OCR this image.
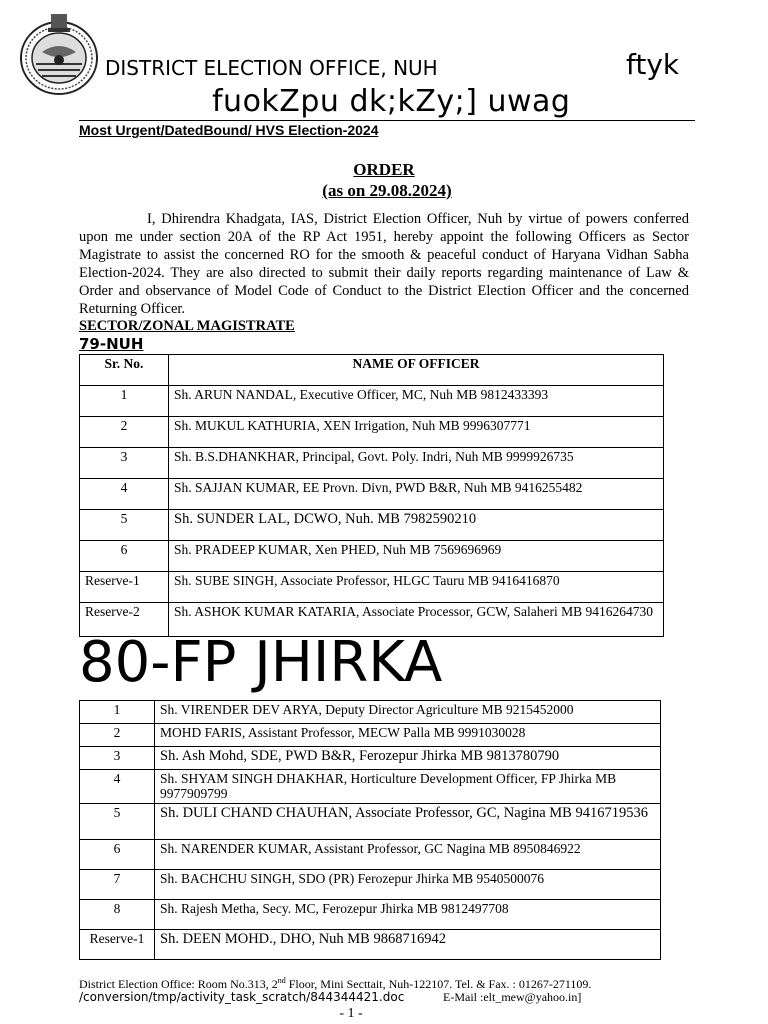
DISTRICT ELECTION OFFICE, NUH	ftyk
fuokZpu dk;kZy;] uwag
Most Urgent/DatedBound/ HVS Election-2024
ORDER
(as on 29.08.2024)
I, Dhirendra Khadgata, IAS, District Election Officer, Nuh by virtue of powers conferred upon me under section 20A of the RP Act 1951, hereby appoint the following Officers as Sector Magistrate to assist the concerned RO for the smooth & peaceful conduct of Haryana Vidhan Sabha Election-2024. They are also directed to submit their daily reports regarding maintenance of Law & Order and observance of Model Code of Conduct to the District Election Officer and the concerned Returning Officer.
SECTOR/ZONAL MAGISTRATE
79-NUH
Sr. No.	NAME OF OFFICER
1	Sh. ARUN NANDAL, Executive Officer, MC, Nuh MB 9812433393
2	Sh. MUKUL KATHURIA, XEN Irrigation, Nuh MB 9996307771
3	Sh. B.S.DHANKHAR, Principal, Govt. Poly. Indri, Nuh MB 9999926735
4	Sh. SAJJAN KUMAR, EE Provn. Divn, PWD B&R, Nuh MB 9416255482
5	Sh. SUNDER LAL, DCWO, Nuh. MB 7982590210
6	Sh. PRADEEP KUMAR, Xen PHED, Nuh MB 7569696969
Reserve-1	Sh. SUBE SINGH, Associate Professor, HLGC Tauru MB 9416416870
Reserve-2	Sh. ASHOK KUMAR KATARIA, Associate Processor, GCW, Salaheri MB 9416264730
80-FP JHIRKA
1	Sh. VIRENDER DEV ARYA, Deputy Director Agriculture MB 9215452000
2	MOHD FARIS, Assistant Professor, MECW Palla MB 9991030028
3	Sh. Ash Mohd, SDE, PWD B&R, Ferozepur Jhirka MB 9813780790
4	Sh. SHYAM SINGH DHAKHAR, Horticulture Development Officer, FP Jhirka MB 9977909799
5	Sh. DULI CHAND CHAUHAN, Associate Professor, GC, Nagina MB 9416719536
6	Sh. NARENDER KUMAR, Assistant Professor, GC Nagina MB 8950846922
7	Sh. BACHCHU SINGH, SDO (PR) Ferozepur Jhirka MB 9540500076
8	Sh. Rajesh Metha, Secy. MC, Ferozepur Jhirka MB 9812497708
Reserve-1	Sh. DEEN MOHD., DHO, Nuh MB 9868716942
District Election Office: Room No.313, 2nd Floor, Mini Secttait, Nuh-122107. Tel. & Fax. : 01267-271109.
/conversion/tmp/activity_task_scratch/844344421.doc	E-Mail :elt_mew@yahoo.in]
- 1 -
